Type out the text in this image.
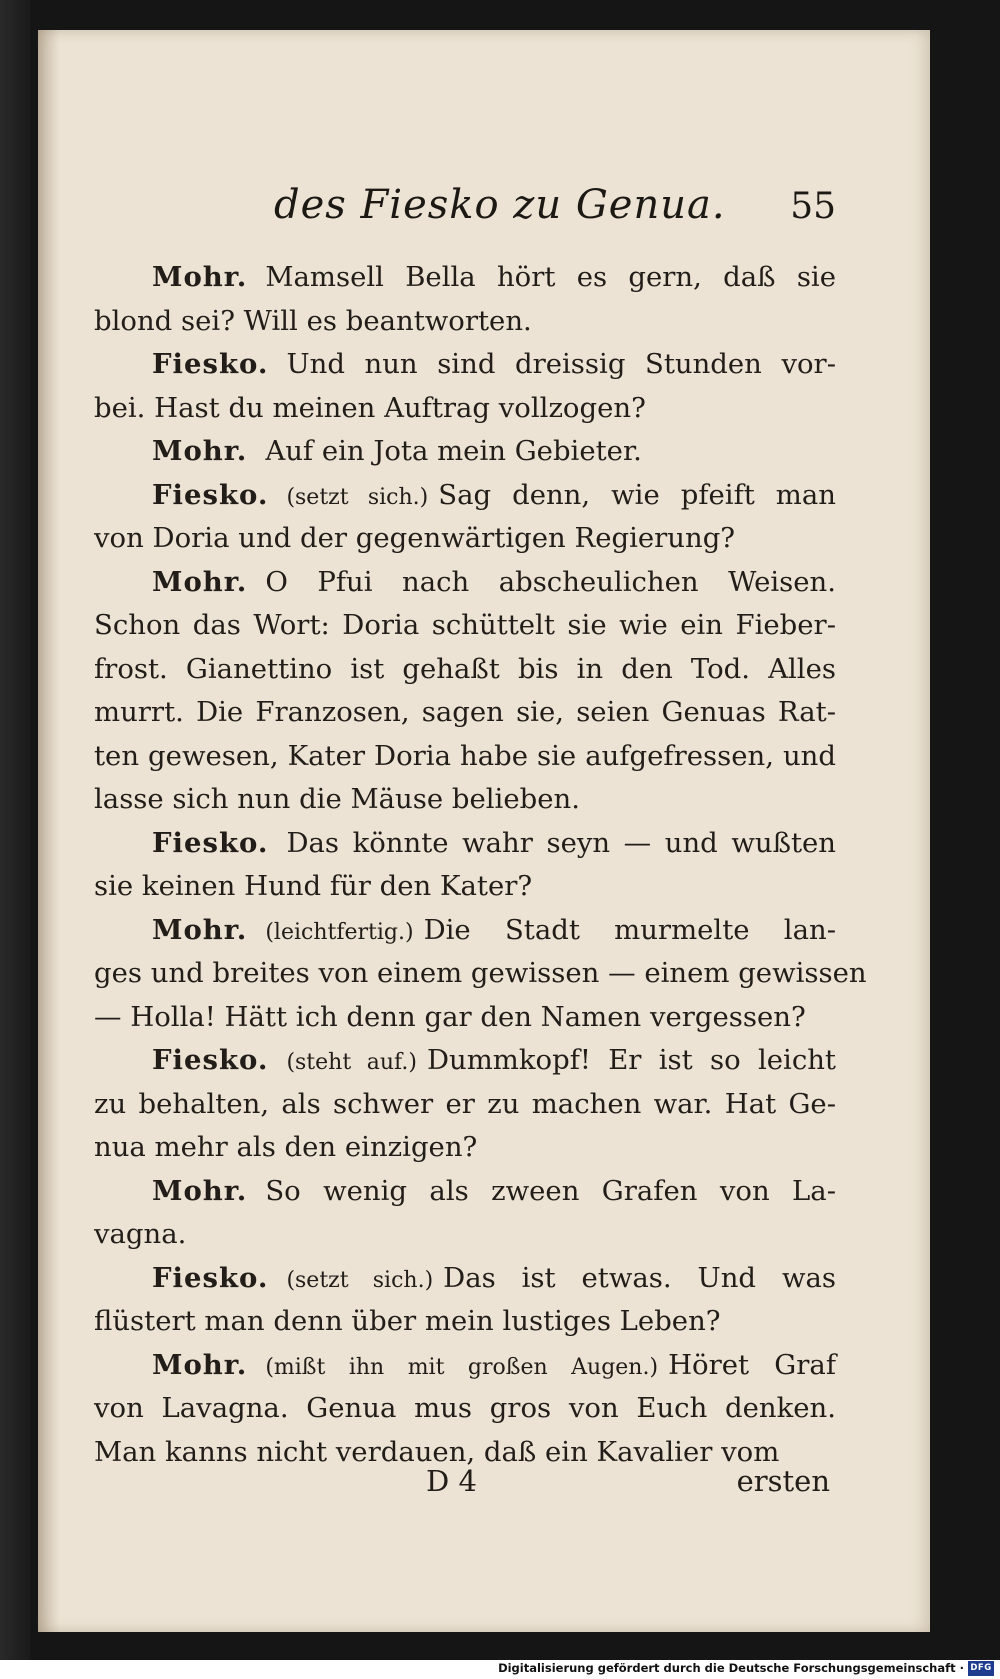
des Fiesko zu Genua. 55
Mohr. Mamsell Bella hört es gern, daß sie
blond sei? Will es beantworten.
Fiesko. Und nun sind dreissig Stunden vor-
bei. Hast du meinen Auftrag vollzogen?
Mohr. Auf ein Jota mein Gebieter.
Fiesko. (setzt sich.) Sag denn, wie pfeift man
von Doria und der gegenwärtigen Regierung?
Mohr. O Pfui nach abscheulichen Weisen.
Schon das Wort: Doria schüttelt sie wie ein Fieber-
frost. Gianettino ist gehaßt bis in den Tod. Alles
murrt. Die Franzosen, sagen sie, seien Genuas Rat-
ten gewesen, Kater Doria habe sie aufgefressen, und
lasse sich nun die Mäuse belieben.
Fiesko. Das könnte wahr seyn — und wußten
sie keinen Hund für den Kater?
Mohr. (leichtfertig.) Die Stadt murmelte lan-
ges und breites von einem gewissen — einem gewissen
— Holla! Hätt ich denn gar den Namen vergessen?
Fiesko. (steht auf.) Dummkopf! Er ist so leicht
zu behalten, als schwer er zu machen war. Hat Ge-
nua mehr als den einzigen?
Mohr. So wenig als zween Grafen von La-
vagna.
Fiesko. (setzt sich.) Das ist etwas. Und was
flüstert man denn über mein lustiges Leben?
Mohr. (mißt ihn mit großen Augen.) Höret Graf
von Lavagna. Genua mus gros von Euch denken.
Man kanns nicht verdauen, daß ein Kavalier vom
D 4	ersten
Digitalisierung gefördert durch die Deutsche Forschungsgemeinschaft · DFG
